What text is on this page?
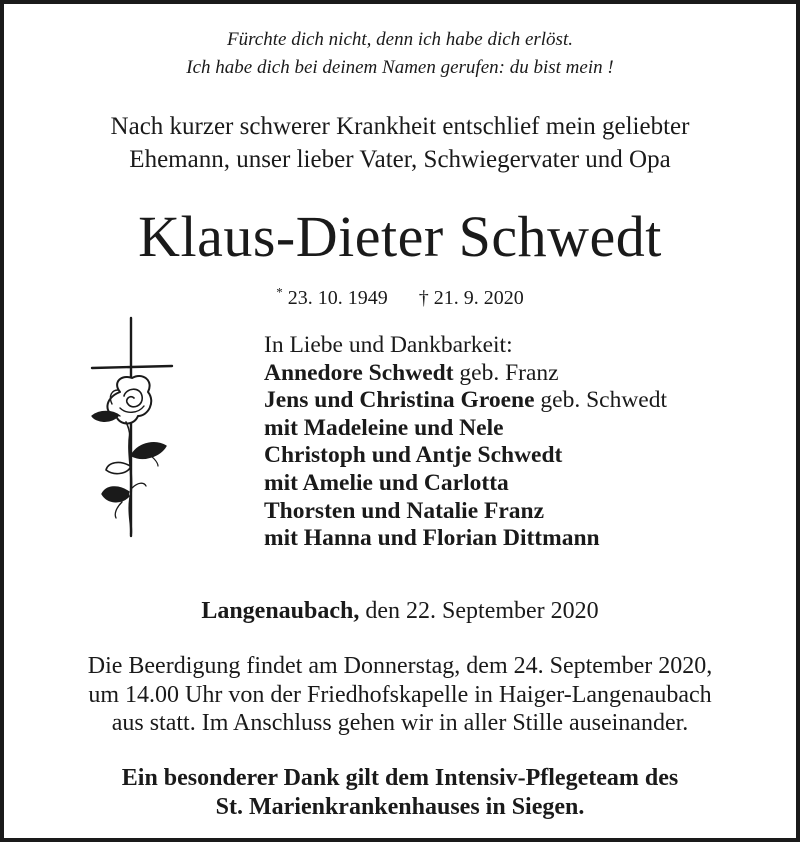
Fürchte dich nicht, denn ich habe dich erlöst.
Ich habe dich bei deinem Namen gerufen: du bist mein !
Nach kurzer schwerer Krankheit entschlief mein geliebter
Ehemann, unser lieber Vater, Schwiegervater und Opa
Klaus-Dieter Schwedt
* 23. 10. 1949 † 21. 9. 2020
In Liebe und Dankbarkeit:
Annedore Schwedt geb. Franz
Jens und Christina Groene geb. Schwedt
mit Madeleine und Nele
Christoph und Antje Schwedt
mit Amelie und Carlotta
Thorsten und Natalie Franz
mit Hanna und Florian Dittmann
Langenaubach, den 22. September 2020
Die Beerdigung findet am Donnerstag, dem 24. September 2020,
um 14.00 Uhr von der Friedhofskapelle in Haiger-Langenaubach
aus statt. Im Anschluss gehen wir in aller Stille auseinander.
Ein besonderer Dank gilt dem Intensiv-Pflegeteam des
St. Marienkrankenhauses in Siegen.
